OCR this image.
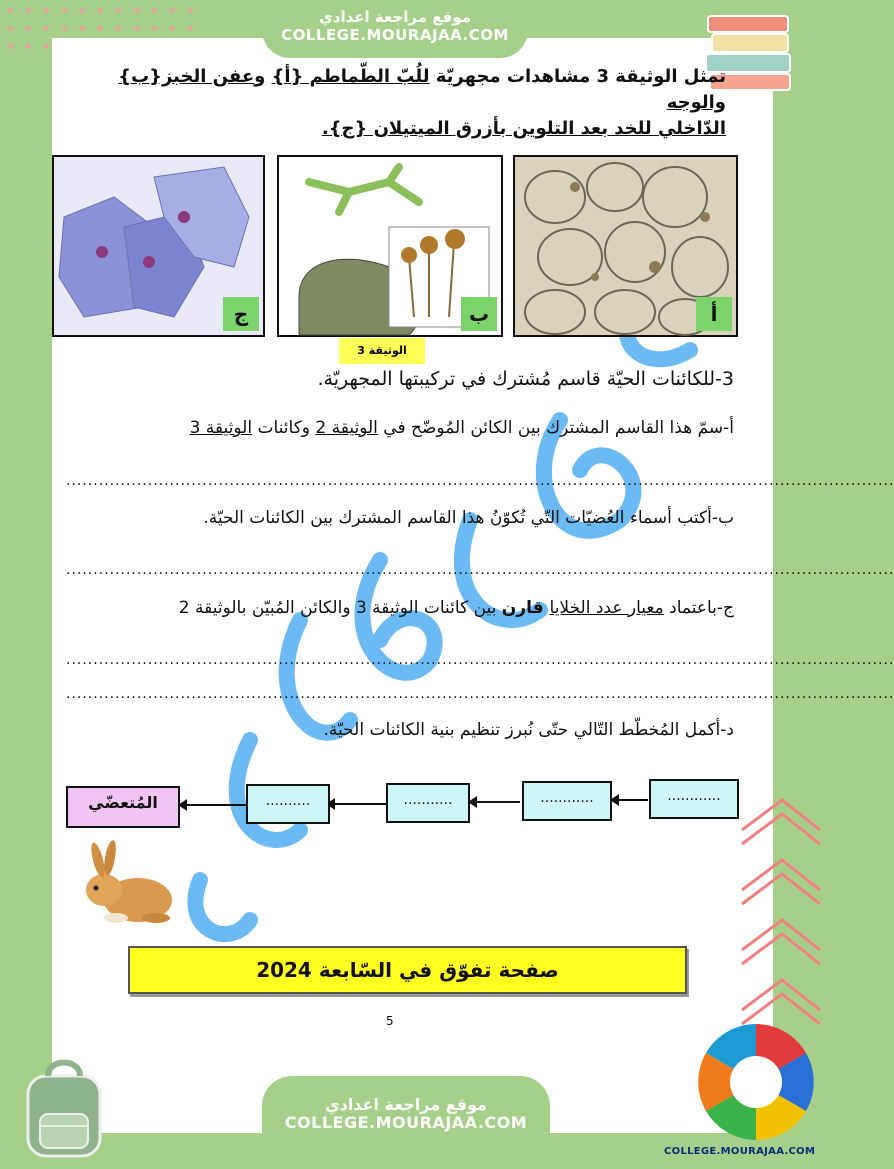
موقع مراجعة اعدادي
COLLEGE.MOURAJAA.COM
تمثل الوثيقة 3 مشاهدات مجهريّة للُبّ الطّماطم {أ} وعفن الخبز{ب} والوجه
الدّاخلي للخد بعد التلوين بأزرق الميتيلان {ج}.
أ
ب
ج
الوثيقة 3
3-للكائنات الحيّة قاسم مُشترك في تركيبتها المجهريّة.
أ-سمّ هذا القاسم المشترك بين الكائن المُوضّح في الوثيقة 2 وكائنات الوثيقة 3
........................................................................................................................................................
ب-أكتب أسماء العُضيّات التّي تُكوّنُ هذا القاسم المشترك بين الكائنات الحيّة.
........................................................................................................................................................
ج-باعتماد معيار عدد الخلايا قارن بين كائنات الوثيقة 3 والكائن المُبيّن بالوثيقة 2
........................................................................................................................................................
........................................................................................................................................................
د-أكمل المُخطّط التّالي حتّى نُبرز تنظيم بنية الكائنات الحيّة.
............
............
...........
..........
المُتعضّي
صفحة تفوّق في السّابعة 2024
5
COLLEGE.MOURAJAA.COM
موقع مراجعة اعدادي
COLLEGE.MOURAJAA.COM
